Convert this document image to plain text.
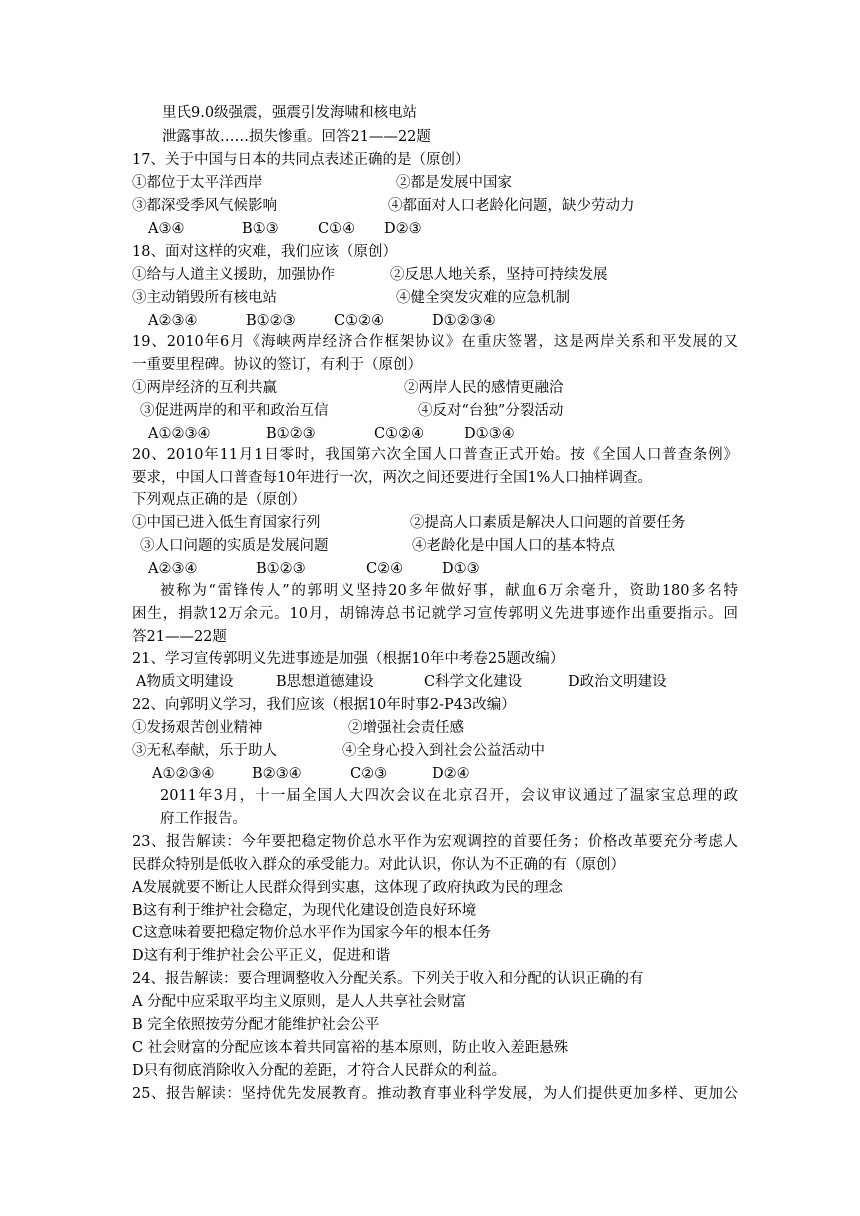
里氏9.0级强震，强震引发海啸和核电站
泄露事故……损失惨重。回答21——22题
17、关于中国与日本的共同点表述正确的是（原创）
①都位于太平洋西岸	②都是发展中国家
③都深受季风气候影响	④都面对人口老龄化问题，缺少劳动力
A③④	B①③	C①④ D②③
18、面对这样的灾难，我们应该（原创）
①给与人道主义援助，加强协作	②反思人地关系，坚持可持续发展
③主动销毁所有核电站	④健全突发灾难的应急机制
A②③④	B①②③	C①②④	D①②③④
19、2010年6月《海峡两岸经济合作框架协议》在重庆签署，这是两岸关系和平发展的又
一重要里程碑。协议的签订，有利于（原创）
①两岸经济的互利共赢	②两岸人民的感情更融洽
③促进两岸的和平和政治互信	④反对“台独”分裂活动
A①②③④	B①②③	C①②④	D①③④
20、2010年11月1日零时，我国第六次全国人口普查正式开始。按《全国人口普查条例》
要求，中国人口普查每10年进行一次，两次之间还要进行全国1%人口抽样调查。
下列观点正确的是（原创）
①中国已进入低生育国家行列	②提高人口素质是解决人口问题的首要任务
③人口问题的实质是发展问题	④老龄化是中国人口的基本特点
A②③④	B①②③	C②④	D①③
被称为“雷锋传人”的郭明义坚持20多年做好事，献血6万余毫升，资助180多名特
困生，捐款12万余元。10月，胡锦涛总书记就学习宣传郭明义先进事迹作出重要指示。回
答21——22题
21、学习宣传郭明义先进事迹是加强（根据10年中考卷25题改编）
A物质文明建设	B思想道德建设	C科学文化建设	D政治文明建设
22、向郭明义学习，我们应该（根据10年时事2-P43改编）
①发扬艰苦创业精神	②增强社会责任感
③无私奉献，乐于助人	④全身心投入到社会公益活动中
A①②③④	B②③④	C②③	D②④
2011年3月，十一届全国人大四次会议在北京召开，会议审议通过了温家宝总理的政
府工作报告。
23、报告解读：今年要把稳定物价总水平作为宏观调控的首要任务；价格改革要充分考虑人
民群众特别是低收入群众的承受能力。对此认识，你认为不正确的有（原创）
A发展就要不断让人民群众得到实惠，这体现了政府执政为民的理念
B这有利于维护社会稳定，为现代化建设创造良好环境
C这意味着要把稳定物价总水平作为国家今年的根本任务
D这有利于维护社会公平正义，促进和谐
24、报告解读：要合理调整收入分配关系。下列关于收入和分配的认识正确的有
A 分配中应采取平均主义原则，是人人共享社会财富
B 完全依照按劳分配才能维护社会公平
C 社会财富的分配应该本着共同富裕的基本原则，防止收入差距悬殊
D只有彻底消除收入分配的差距，才符合人民群众的利益。
25、报告解读：坚持优先发展教育。推动教育事业科学发展，为人们提供更加多样、更加公
